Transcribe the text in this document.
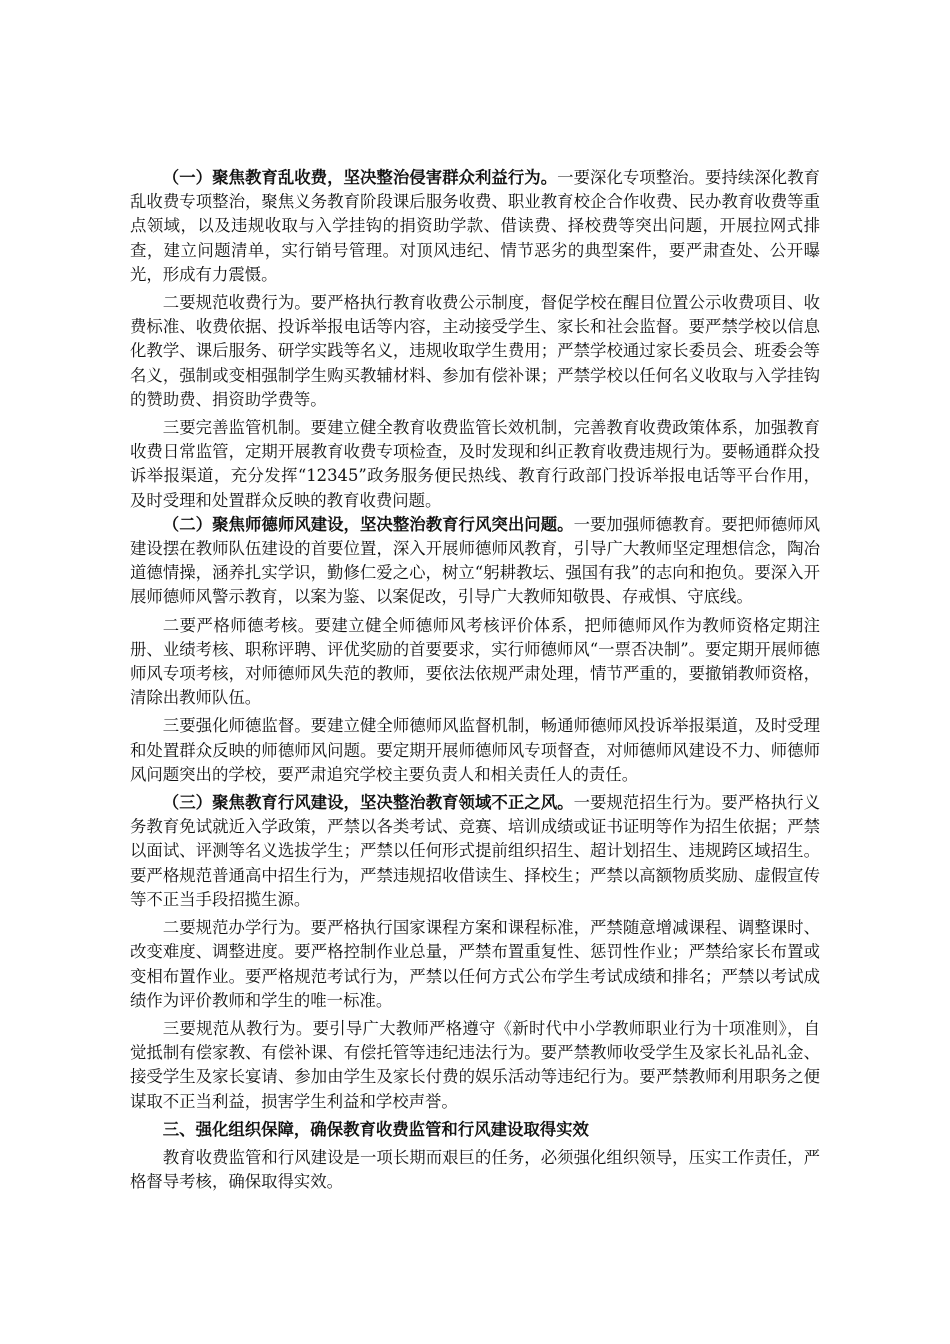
（一）聚焦教育乱收费，坚决整治侵害群众利益行为。一要深化专项整治。要持续深化教育乱收费专项整治，聚焦义务教育阶段课后服务收费、职业教育校企合作收费、民办教育收费等重点领域，以及违规收取与入学挂钩的捐资助学款、借读费、择校费等突出问题，开展拉网式排查，建立问题清单，实行销号管理。对顶风违纪、情节恶劣的典型案件，要严肃查处、公开曝光，形成有力震慑。

二要规范收费行为。要严格执行教育收费公示制度，督促学校在醒目位置公示收费项目、收费标准、收费依据、投诉举报电话等内容，主动接受学生、家长和社会监督。要严禁学校以信息化教学、课后服务、研学实践等名义，违规收取学生费用；严禁学校通过家长委员会、班委会等名义，强制或变相强制学生购买教辅材料、参加有偿补课；严禁学校以任何名义收取与入学挂钩的赞助费、捐资助学费等。

三要完善监管机制。要建立健全教育收费监管长效机制，完善教育收费政策体系，加强教育收费日常监管，定期开展教育收费专项检查，及时发现和纠正教育收费违规行为。要畅通群众投诉举报渠道，充分发挥“12345”政务服务便民热线、教育行政部门投诉举报电话等平台作用，及时受理和处置群众反映的教育收费问题。

（二）聚焦师德师风建设，坚决整治教育行风突出问题。一要加强师德教育。要把师德师风建设摆在教师队伍建设的首要位置，深入开展师德师风教育，引导广大教师坚定理想信念，陶冶道德情操，涵养扎实学识，勤修仁爱之心，树立“躬耕教坛、强国有我”的志向和抱负。要深入开展师德师风警示教育，以案为鉴、以案促改，引导广大教师知敬畏、存戒惧、守底线。

二要严格师德考核。要建立健全师德师风考核评价体系，把师德师风作为教师资格定期注册、业绩考核、职称评聘、评优奖励的首要要求，实行师德师风“一票否决制”。要定期开展师德师风专项考核，对师德师风失范的教师，要依法依规严肃处理，情节严重的，要撤销教师资格，清除出教师队伍。

三要强化师德监督。要建立健全师德师风监督机制，畅通师德师风投诉举报渠道，及时受理和处置群众反映的师德师风问题。要定期开展师德师风专项督查，对师德师风建设不力、师德师风问题突出的学校，要严肃追究学校主要负责人和相关责任人的责任。

（三）聚焦教育行风建设，坚决整治教育领域不正之风。一要规范招生行为。要严格执行义务教育免试就近入学政策，严禁以各类考试、竞赛、培训成绩或证书证明等作为招生依据；严禁以面试、评测等名义选拔学生；严禁以任何形式提前组织招生、超计划招生、违规跨区域招生。要严格规范普通高中招生行为，严禁违规招收借读生、择校生；严禁以高额物质奖励、虚假宣传等不正当手段招揽生源。

二要规范办学行为。要严格执行国家课程方案和课程标准，严禁随意增减课程、调整课时、改变难度、调整进度。要严格控制作业总量，严禁布置重复性、惩罚性作业；严禁给家长布置或变相布置作业。要严格规范考试行为，严禁以任何方式公布学生考试成绩和排名；严禁以考试成绩作为评价教师和学生的唯一标准。

三要规范从教行为。要引导广大教师严格遵守《新时代中小学教师职业行为十项准则》，自觉抵制有偿家教、有偿补课、有偿托管等违纪违法行为。要严禁教师收受学生及家长礼品礼金、接受学生及家长宴请、参加由学生及家长付费的娱乐活动等违纪行为。要严禁教师利用职务之便谋取不正当利益，损害学生利益和学校声誉。

三、强化组织保障，确保教育收费监管和行风建设取得实效

教育收费监管和行风建设是一项长期而艰巨的任务，必须强化组织领导，压实工作责任，严格督导考核，确保取得实效。
